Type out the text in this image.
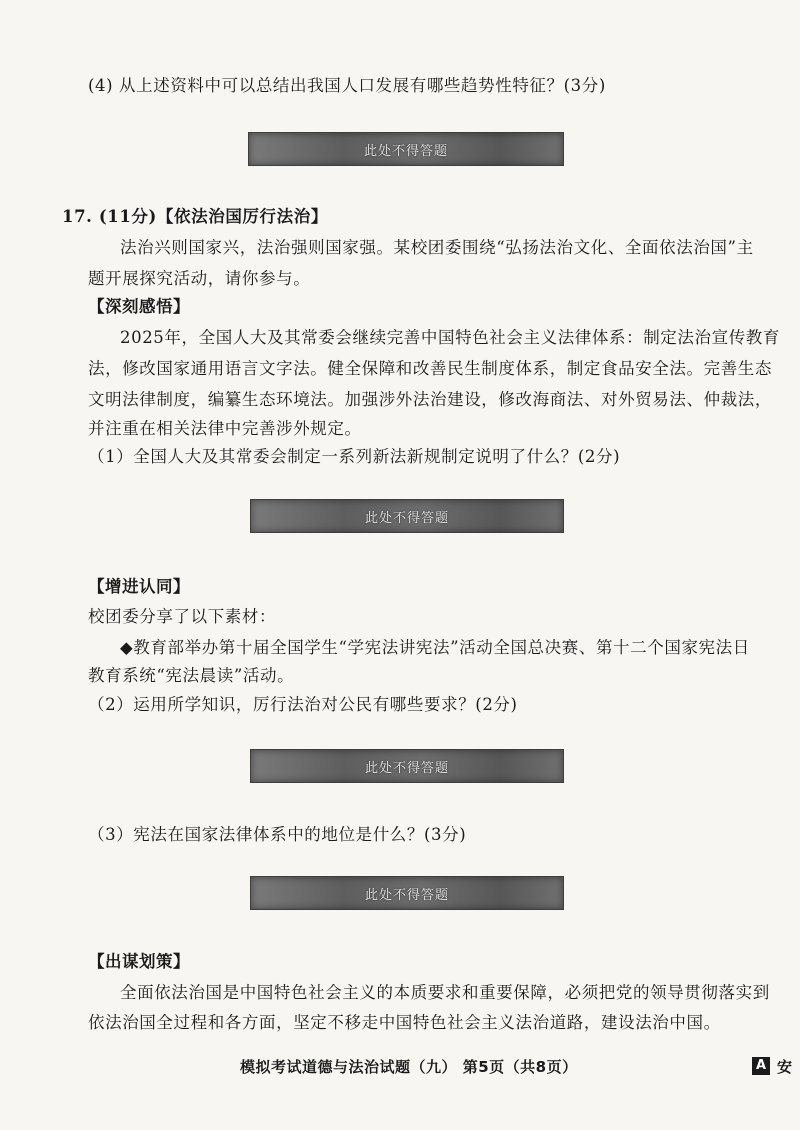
(4) 从上述资料中可以总结出我国人口发展有哪些趋势性特征？(3分)
此处不得答题
17. (11分)【依法治国厉行法治】
法治兴则国家兴，法治强则国家强。某校团委围绕“弘扬法治文化、全面依法治国”主
题开展探究活动，请你参与。
【深刻感悟】
2025年，全国人大及其常委会继续完善中国特色社会主义法律体系：制定法治宣传教育
法，修改国家通用语言文字法。健全保障和改善民生制度体系，制定食品安全法。完善生态
文明法律制度，编纂生态环境法。加强涉外法治建设，修改海商法、对外贸易法、仲裁法，
并注重在相关法律中完善涉外规定。
（1）全国人大及其常委会制定一系列新法新规制定说明了什么？(2分)
此处不得答题
【增进认同】
校团委分享了以下素材：
◆教育部举办第十届全国学生“学宪法讲宪法”活动全国总决赛、第十二个国家宪法日
教育系统“宪法晨读”活动。
（2）运用所学知识，厉行法治对公民有哪些要求？(2分)
此处不得答题
（3）宪法在国家法律体系中的地位是什么？(3分)
此处不得答题
【出谋划策】
全面依法治国是中国特色社会主义的本质要求和重要保障，必须把党的领导贯彻落实到
依法治国全过程和各方面，坚定不移走中国特色社会主义法治道路，建设法治中国。
模拟考试道德与法治试题（九） 第5页（共8页）	A 安
